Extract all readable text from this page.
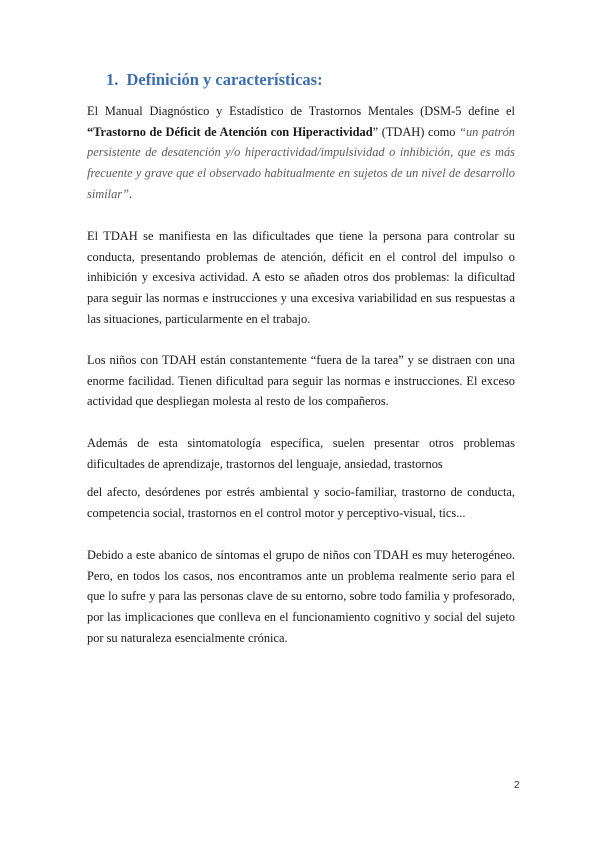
1. Definición y características:
El Manual Diagnóstico y Estadístico de Trastornos Mentales (DSM-5 define el
“Trastorno de Déficit de Atención con Hiperactividad” (TDAH) como “un patrón
persistente de desatención y/o hiperactividad/impulsividad o inhibición, que es más
frecuente y grave que el observado habitualmente en sujetos de un nivel de desarrollo
similar”.
El TDAH se manifiesta en las dificultades que tiene la persona para controlar su
conducta, presentando problemas de atención, déficit en el control del impulso o
inhibición y excesiva actividad. A esto se añaden otros dos problemas: la dificultad
para seguir las normas e instrucciones y una excesiva variabilidad en sus respuestas a
las situaciones, particularmente en el trabajo.
Los niños con TDAH están constantemente “fuera de la tarea” y se distraen con una
enorme facilidad. Tienen dificultad para seguir las normas e instrucciones. El exceso
actividad que despliegan molesta al resto de los compañeros.
Además de esta sintomatología específica, suelen presentar otros problemas
dificultades de aprendizaje, trastornos del lenguaje, ansiedad, trastornos
del afecto, desórdenes por estrés ambiental y socio-familiar, trastorno de conducta,
competencia social, trastornos en el control motor y perceptivo-visual, tics...
Debido a este abanico de síntomas el grupo de niños con TDAH es muy heterogéneo.
Pero, en todos los casos, nos encontramos ante un problema realmente serio para el
que lo sufre y para las personas clave de su entorno, sobre todo familia y profesorado,
por las implicaciones que conlleva en el funcionamiento cognitivo y social del sujeto
por su naturaleza esencialmente crónica.
2
